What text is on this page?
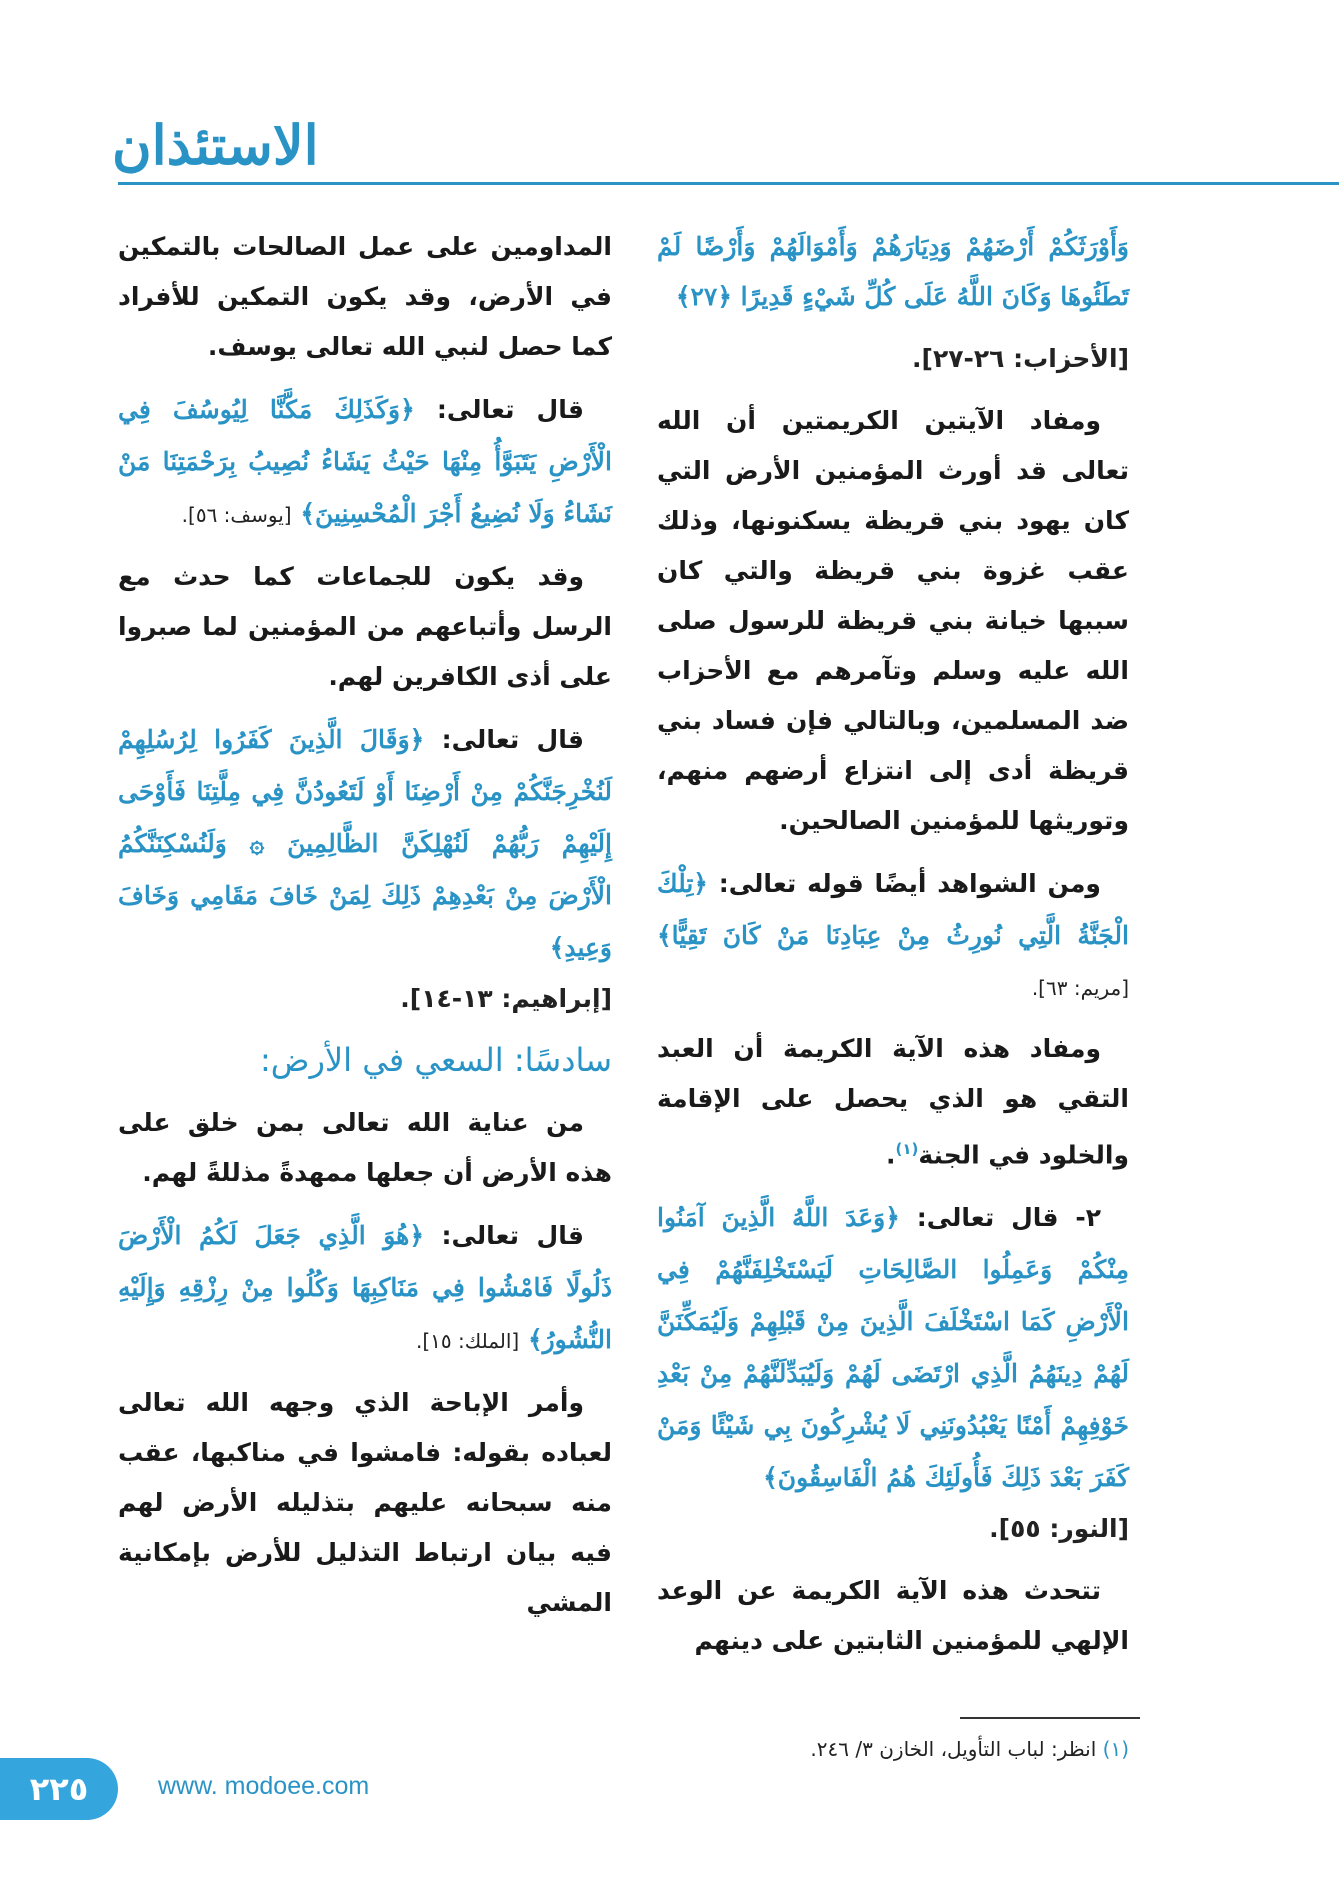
الاستئذان

وَأَوْرَثَكُمْ أَرْضَهُمْ وَدِيَارَهُمْ وَأَمْوَالَهُمْ وَأَرْضًا لَمْ تَطَئُوهَا وَكَانَ اللَّهُ عَلَى كُلِّ شَيْءٍ قَدِيرًا ﴿٢٧﴾

[الأحزاب: ٢٦-٢٧].

ومفاد الآيتين الكريمتين أن الله تعالى قد أورث المؤمنين الأرض التي كان يهود بني قريظة يسكنونها، وذلك عقب غزوة بني قريظة والتي كان سببها خيانة بني قريظة للرسول صلى الله عليه وسلم وتآمرهم مع الأحزاب ضد المسلمين، وبالتالي فإن فساد بني قريظة أدى إلى انتزاع أرضهم منهم، وتوريثها للمؤمنين الصالحين.

ومن الشواهد أيضًا قوله تعالى: ﴿تِلْكَ الْجَنَّةُ الَّتِي نُورِثُ مِنْ عِبَادِنَا مَنْ كَانَ تَقِيًّا﴾ [مريم: ٦٣].

ومفاد هذه الآية الكريمة أن العبد التقي هو الذي يحصل على الإقامة والخلود في الجنة$^{(١)}$.

٢- قال تعالى: ﴿وَعَدَ اللَّهُ الَّذِينَ آمَنُوا مِنْكُمْ وَعَمِلُوا الصَّالِحَاتِ لَيَسْتَخْلِفَنَّهُمْ فِي الْأَرْضِ كَمَا اسْتَخْلَفَ الَّذِينَ مِنْ قَبْلِهِمْ وَلَيُمَكِّنَنَّ لَهُمْ دِينَهُمُ الَّذِي ارْتَضَى لَهُمْ وَلَيُبَدِّلَنَّهُمْ مِنْ بَعْدِ خَوْفِهِمْ أَمْنًا يَعْبُدُونَنِي لَا يُشْرِكُونَ بِي شَيْئًا وَمَنْ كَفَرَ بَعْدَ ذَلِكَ فَأُولَئِكَ هُمُ الْفَاسِقُونَ﴾

[النور: ٥٥].

تتحدث هذه الآية الكريمة عن الوعد الإلهي للمؤمنين الثابتين على دينهم

المداومين على عمل الصالحات بالتمكين في الأرض، وقد يكون التمكين للأفراد كما حصل لنبي الله تعالى يوسف.

قال تعالى: ﴿وَكَذَلِكَ مَكَّنَّا لِيُوسُفَ فِي الْأَرْضِ يَتَبَوَّأُ مِنْهَا حَيْثُ يَشَاءُ نُصِيبُ بِرَحْمَتِنَا مَنْ نَشَاءُ وَلَا نُضِيعُ أَجْرَ الْمُحْسِنِينَ﴾ [يوسف: ٥٦].

وقد يكون للجماعات كما حدث مع الرسل وأتباعهم من المؤمنين لما صبروا على أذى الكافرين لهم.

قال تعالى: ﴿وَقَالَ الَّذِينَ كَفَرُوا لِرُسُلِهِمْ لَنُخْرِجَنَّكُمْ مِنْ أَرْضِنَا أَوْ لَتَعُودُنَّ فِي مِلَّتِنَا فَأَوْحَى إِلَيْهِمْ رَبُّهُمْ لَنُهْلِكَنَّ الظَّالِمِينَ ۞ وَلَنُسْكِنَنَّكُمُ الْأَرْضَ مِنْ بَعْدِهِمْ ذَلِكَ لِمَنْ خَافَ مَقَامِي وَخَافَ وَعِيدِ﴾

[إبراهيم: ١٣-١٤].

سادسًا: السعي في الأرض:

من عناية الله تعالى بمن خلق على هذه الأرض أن جعلها ممهدةً مذللةً لهم.

قال تعالى: ﴿هُوَ الَّذِي جَعَلَ لَكُمُ الْأَرْضَ ذَلُولًا فَامْشُوا فِي مَنَاكِبِهَا وَكُلُوا مِنْ رِزْقِهِ وَإِلَيْهِ النُّشُورُ﴾ [الملك: ١٥].

وأمر الإباحة الذي وجهه الله تعالى لعباده بقوله: فامشوا في مناكبها، عقب منه سبحانه عليهم بتذليله الأرض لهم فيه بيان ارتباط التذليل للأرض بإمكانية المشي

(١) انظر: لباب التأويل، الخازن ٣/ ٢٤٦.
٢٢٥	www. modoee.com
